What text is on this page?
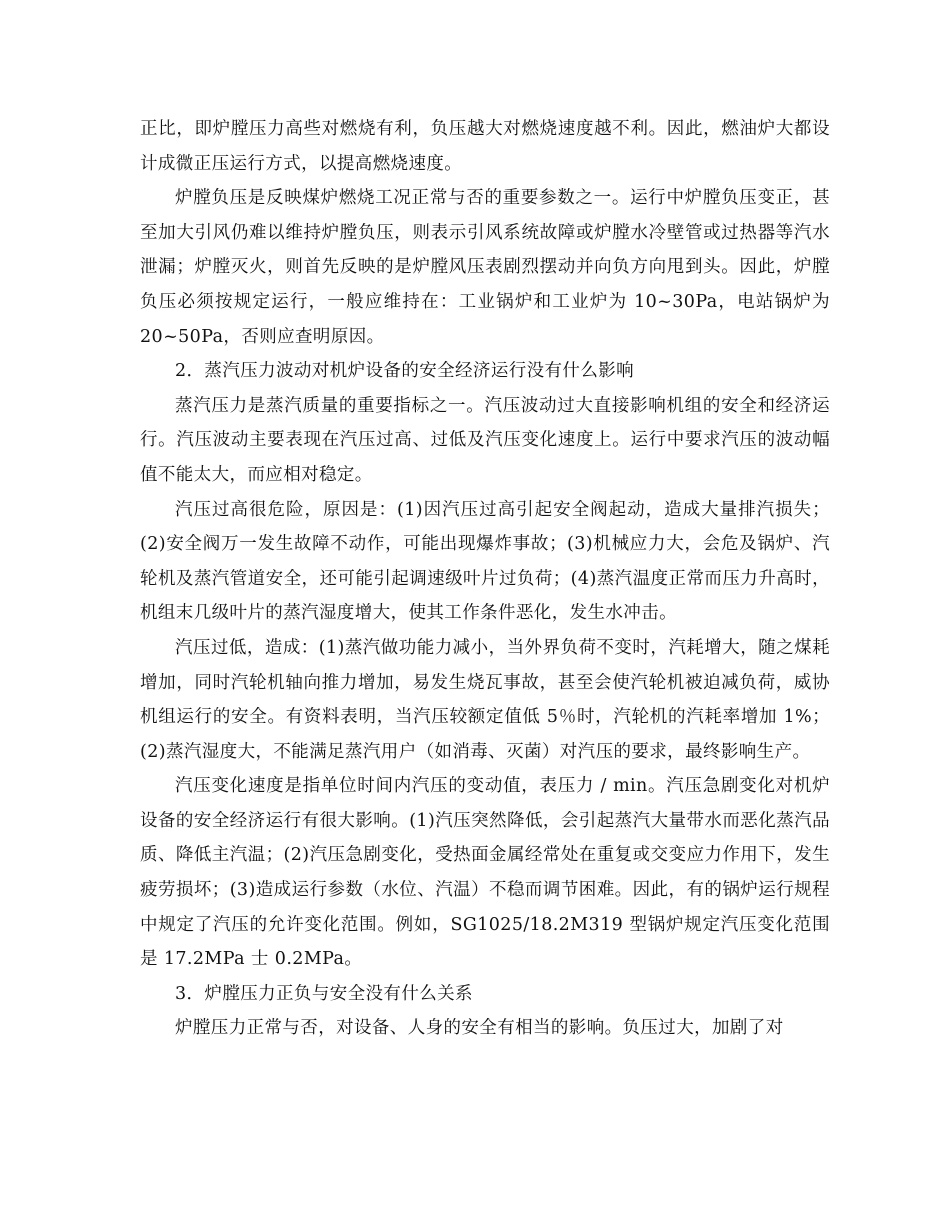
正比，即炉膛压力高些对燃烧有利，负压越大对燃烧速度越不利。因此，燃油炉大都设计成微正压运行方式，以提高燃烧速度。

炉膛负压是反映煤炉燃烧工况正常与否的重要参数之一。运行中炉膛负压变正，甚至加大引风仍难以维持炉膛负压，则表示引风系统故障或炉膛水冷壁管或过热器等汽水泄漏；炉膛灭火，则首先反映的是炉膛风压表剧烈摆动并向负方向甩到头。因此，炉膛负压必须按规定运行，一般应维持在：工业锅炉和工业炉为 10~30Pa，电站锅炉为 20~50Pa，否则应查明原因。

2．蒸汽压力波动对机炉设备的安全经济运行没有什么影响

蒸汽压力是蒸汽质量的重要指标之一。汽压波动过大直接影响机组的安全和经济运行。汽压波动主要表现在汽压过高、过低及汽压变化速度上。运行中要求汽压的波动幅值不能太大，而应相对稳定。

汽压过高很危险，原因是：(1)因汽压过高引起安全阀起动，造成大量排汽损失；(2)安全阀万一发生故障不动作，可能出现爆炸事故；(3)机械应力大，会危及锅炉、汽轮机及蒸汽管道安全，还可能引起调速级叶片过负荷；(4)蒸汽温度正常而压力升高时，机组末几级叶片的蒸汽湿度增大，使其工作条件恶化，发生水冲击。

汽压过低，造成：(1)蒸汽做功能力减小，当外界负荷不变时，汽耗增大，随之煤耗增加，同时汽轮机轴向推力增加，易发生烧瓦事故，甚至会使汽轮机被迫减负荷，威协机组运行的安全。有资料表明，当汽压较额定值低 5％时，汽轮机的汽耗率增加 1%；(2)蒸汽湿度大，不能满足蒸汽用户（如消毒、灭菌）对汽压的要求，最终影响生产。

汽压变化速度是指单位时间内汽压的变动值，表压力 / min。汽压急剧变化对机炉设备的安全经济运行有很大影响。(1)汽压突然降低，会引起蒸汽大量带水而恶化蒸汽品质、降低主汽温；(2)汽压急剧变化，受热面金属经常处在重复或交变应力作用下，发生疲劳损坏；(3)造成运行参数（水位、汽温）不稳而调节困难。因此，有的锅炉运行规程中规定了汽压的允许变化范围。例如，SG1025/18.2M319 型锅炉规定汽压变化范围是 17.2MPa 士 0.2MPa。

3．炉膛压力正负与安全没有什么关系

炉膛压力正常与否，对设备、人身的安全有相当的影响。负压过大，加剧了对
